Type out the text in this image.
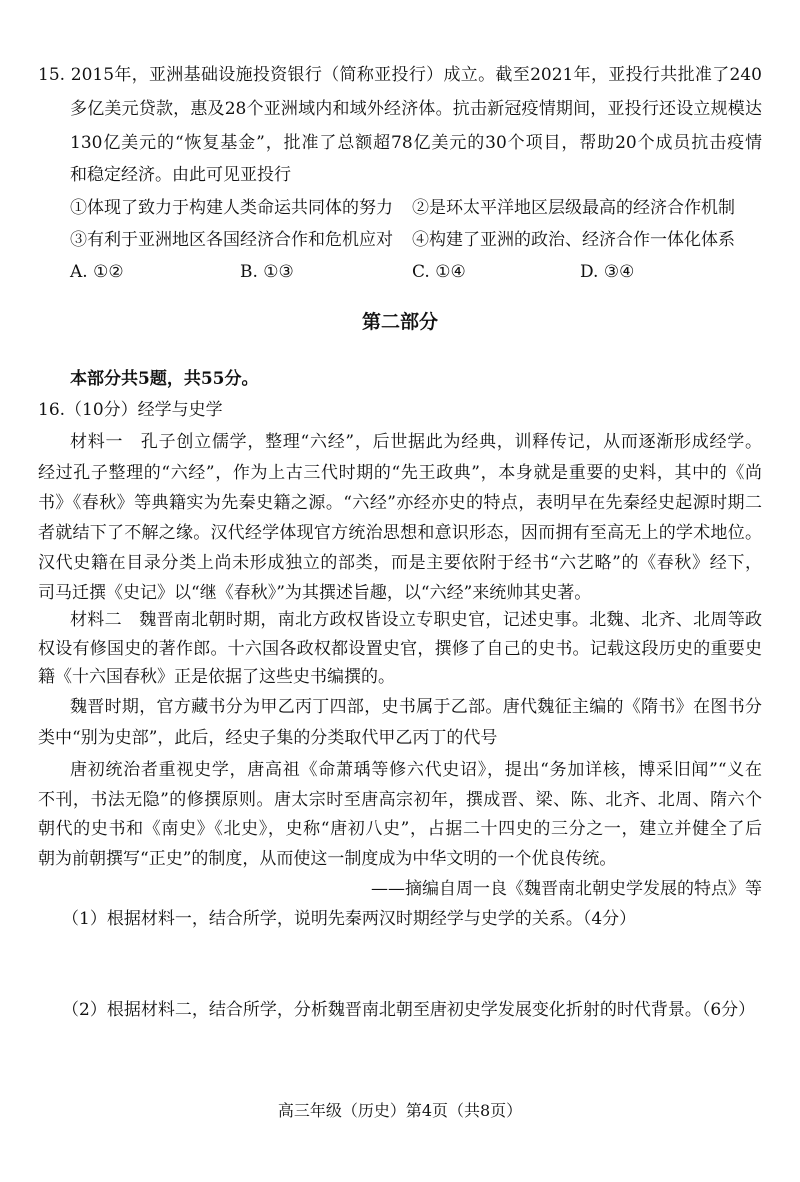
15. 2015年，亚洲基础设施投资银行（简称亚投行）成立。截至2021年，亚投行共批准了240
多亿美元贷款，惠及28个亚洲域内和域外经济体。抗击新冠疫情期间，亚投行还设立规模达
130亿美元的“恢复基金”，批准了总额超78亿美元的30个项目，帮助20个成员抗击疫情
和稳定经济。由此可见亚投行
①体现了致力于构建人类命运共同体的努力 ②是环太平洋地区层级最高的经济合作机制
③有利于亚洲地区各国经济合作和危机应对 ④构建了亚洲的政治、经济合作一体化体系
A. ①②	B. ①③	C. ①④	D. ③④
第二部分
本部分共5题，共55分。
16.（10分）经学与史学
材料一　孔子创立儒学，整理“六经”，后世据此为经典，训释传记，从而逐渐形成经学。
经过孔子整理的“六经”，作为上古三代时期的“先王政典”，本身就是重要的史料，其中的《尚
书》《春秋》等典籍实为先秦史籍之源。“六经”亦经亦史的特点，表明早在先秦经史起源时期二
者就结下了不解之缘。汉代经学体现官方统治思想和意识形态，因而拥有至高无上的学术地位。
汉代史籍在目录分类上尚未形成独立的部类，而是主要依附于经书“六艺略”的《春秋》经下，
司马迁撰《史记》以“继《春秋》”为其撰述旨趣，以“六经”来统帅其史著。
材料二　魏晋南北朝时期，南北方政权皆设立专职史官，记述史事。北魏、北齐、北周等政
权设有修国史的著作郎。十六国各政权都设置史官，撰修了自己的史书。记载这段历史的重要史
籍《十六国春秋》正是依据了这些史书编撰的。
魏晋时期，官方藏书分为甲乙丙丁四部，史书属于乙部。唐代魏征主编的《隋书》在图书分
类中“别为史部”，此后，经史子集的分类取代甲乙丙丁的代号
唐初统治者重视史学，唐高祖《命萧瑀等修六代史诏》，提出“务加详核，博采旧闻”“义在
不刊，书法无隐”的修撰原则。唐太宗时至唐高宗初年，撰成晋、梁、陈、北齐、北周、隋六个
朝代的史书和《南史》《北史》，史称“唐初八史”，占据二十四史的三分之一，建立并健全了后
朝为前朝撰写“正史”的制度，从而使这一制度成为中华文明的一个优良传统。
——摘编自周一良《魏晋南北朝史学发展的特点》等
（1）根据材料一，结合所学，说明先秦两汉时期经学与史学的关系。（4分）
（2）根据材料二，结合所学，分析魏晋南北朝至唐初史学发展变化折射的时代背景。（6分）
高三年级（历史）第4页（共8页）
